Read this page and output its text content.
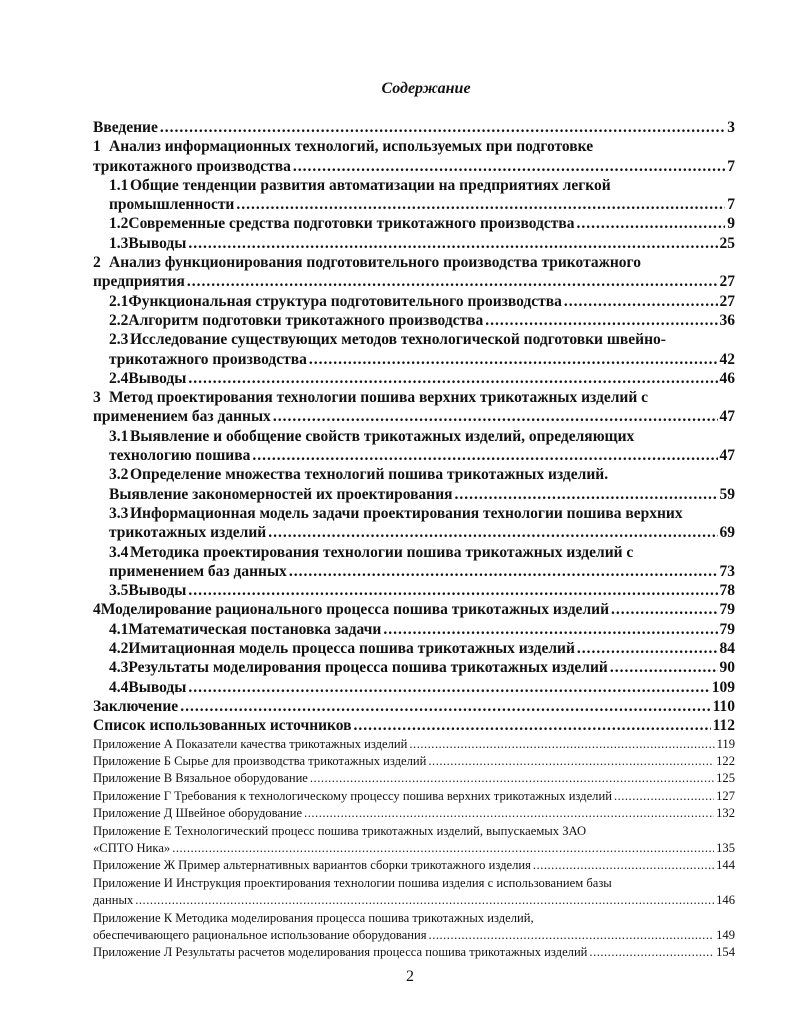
Содержание
Введение .....	3
1 Анализ информационных технологий, используемых при подготовке
трикотажного производства .....	7
1.1 Общие тенденции развития автоматизации на предприятиях легкой
промышленности .....	7
1.2 Современные средства подготовки трикотажного производства .....	9
1.3 Выводы .....	25
2 Анализ функционирования подготовительного производства трикотажного
предприятия .....	27
2.1 Функциональная структура подготовительного производства .....	27
2.2 Алгоритм подготовки трикотажного производства .....	36
2.3 Исследование существующих методов технологической подготовки швейно-
трикотажного производства .....	42
2.4 Выводы .....	46
3 Метод проектирования технологии пошива верхних трикотажных изделий с
применением баз данных .....	47
3.1 Выявление и обобщение свойств трикотажных изделий, определяющих
технологию пошива .....	47
3.2 Определение множества технологий пошива трикотажных изделий.
Выявление закономерностей их проектирования .....	59
3.3 Информационная модель задачи проектирования технологии пошива верхних
трикотажных изделий .....	69
3.4 Методика проектирования технологии пошива трикотажных изделий с
применением баз данных .....	73
3.5 Выводы .....	78
4 Моделирование рационального процесса пошива трикотажных изделий .....	79
4.1 Математическая постановка задачи .....	79
4.2 Имитационная модель процесса пошива трикотажных изделий .....	84
4.3 Результаты моделирования процесса пошива трикотажных изделий .....	90
4.4 Выводы .....	109
Заключение .....	110
Список использованных источников .....	112
Приложение А Показатели качества трикотажных изделий .....	119
Приложение Б Сырье для производства трикотажных изделий .....	122
Приложение В Вязальное оборудование .....	125
Приложение Г Требования к технологическому процессу пошива верхних трикотажных изделий .....	127
Приложение Д Швейное оборудование .....	132
Приложение Е Технологический процесс пошива трикотажных изделий, выпускаемых ЗАО
«СПТО Ника» .....	135
Приложение Ж Пример альтернативных вариантов сборки трикотажного изделия .....	144
Приложение И Инструкция проектирования технологии пошива изделия с использованием базы
данных .....	146
Приложение К Методика моделирования процесса пошива трикотажных изделий,
обеспечивающего рациональное использование оборудования .....	149
Приложение Л Результаты расчетов моделирования процесса пошива трикотажных изделий .....	154
2
